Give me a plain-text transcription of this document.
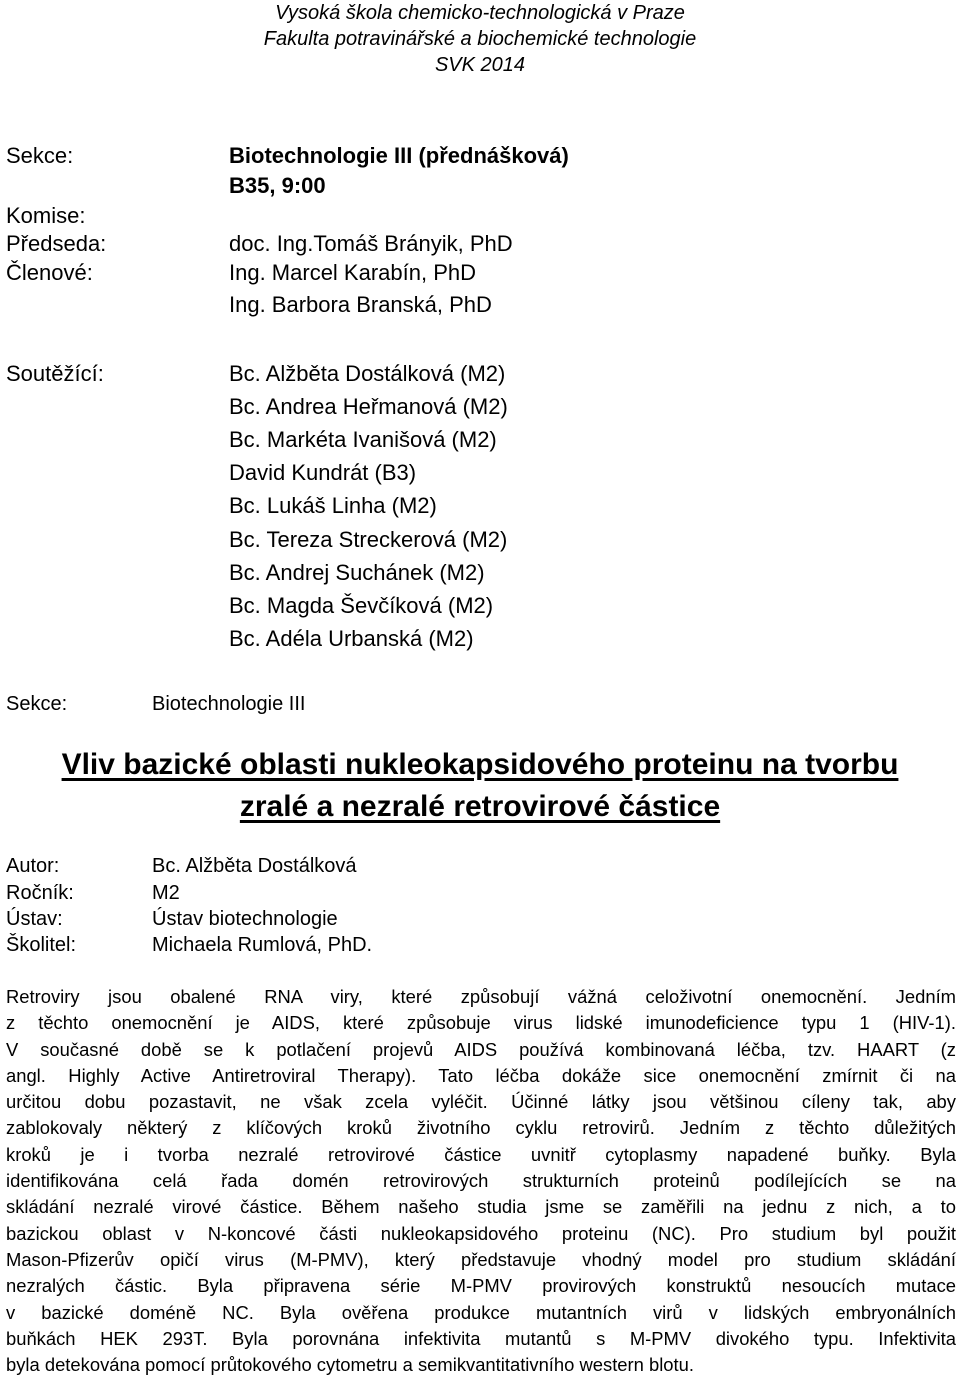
Vysoká škola chemicko-technologická v Praze
Fakulta potravinářské a biochemické technologie
SVK 2014
Sekce:	Biotechnologie III (přednášková)
B35, 9:00
Komise:
Předseda:	doc. Ing.Tomáš Brányik, PhD
Členové:	Ing. Marcel Karabín, PhD
Ing. Barbora Branská, PhD
Soutěžící:	Bc. Alžběta Dostálková (M2)
Bc. Andrea Heřmanová (M2)
Bc. Markéta Ivanišová (M2)
David Kundrát (B3)
Bc. Lukáš Linha (M2)
Bc. Tereza Streckerová (M2)
Bc. Andrej Suchánek (M2)
Bc. Magda Ševčíková (M2)
Bc. Adéla Urbanská (M2)
Sekce:	Biotechnologie III
Vliv bazické oblasti nukleokapsidového proteinu na tvorbu
zralé a nezralé retrovirové částice
Autor:	Bc. Alžběta Dostálková
Ročník:	M2
Ústav:	Ústav biotechnologie
Školitel:	Michaela Rumlová, PhD.
Retroviry jsou obalené RNA viry, které způsobují vážná celoživotní onemocnění. Jedním
z těchto onemocnění je AIDS, které způsobuje virus lidské imunodeficience typu 1 (HIV-1).
V současné době se k potlačení projevů AIDS používá kombinovaná léčba, tzv. HAART (z
angl. Highly Active Antiretroviral Therapy). Tato léčba dokáže sice onemocnění zmírnit či na
určitou dobu pozastavit, ne však zcela vyléčit. Účinné látky jsou většinou cíleny tak, aby
zablokovaly některý z klíčových kroků životního cyklu retrovirů. Jedním z těchto důležitých
kroků je i tvorba nezralé retrovirové částice uvnitř cytoplasmy napadené buňky. Byla
identifikována celá řada domén retrovirových strukturních proteinů podílejících se na
skládání nezralé virové částice. Během našeho studia jsme se zaměřili na jednu z nich, a to
bazickou oblast v N-koncové části nukleokapsidového proteinu (NC). Pro studium byl použit
Mason-Pfizerův opičí virus (M-PMV), který představuje vhodný model pro studium skládání
nezralých částic. Byla připravena série M-PMV provirových konstruktů nesoucích mutace
v bazické doméně NC. Byla ověřena produkce mutantních virů v lidských embryonálních
buňkách HEK 293T. Byla porovnána infektivita mutantů s M-PMV divokého typu. Infektivita
byla detekována pomocí průtokového cytometru a semikvantitativního western blotu.
